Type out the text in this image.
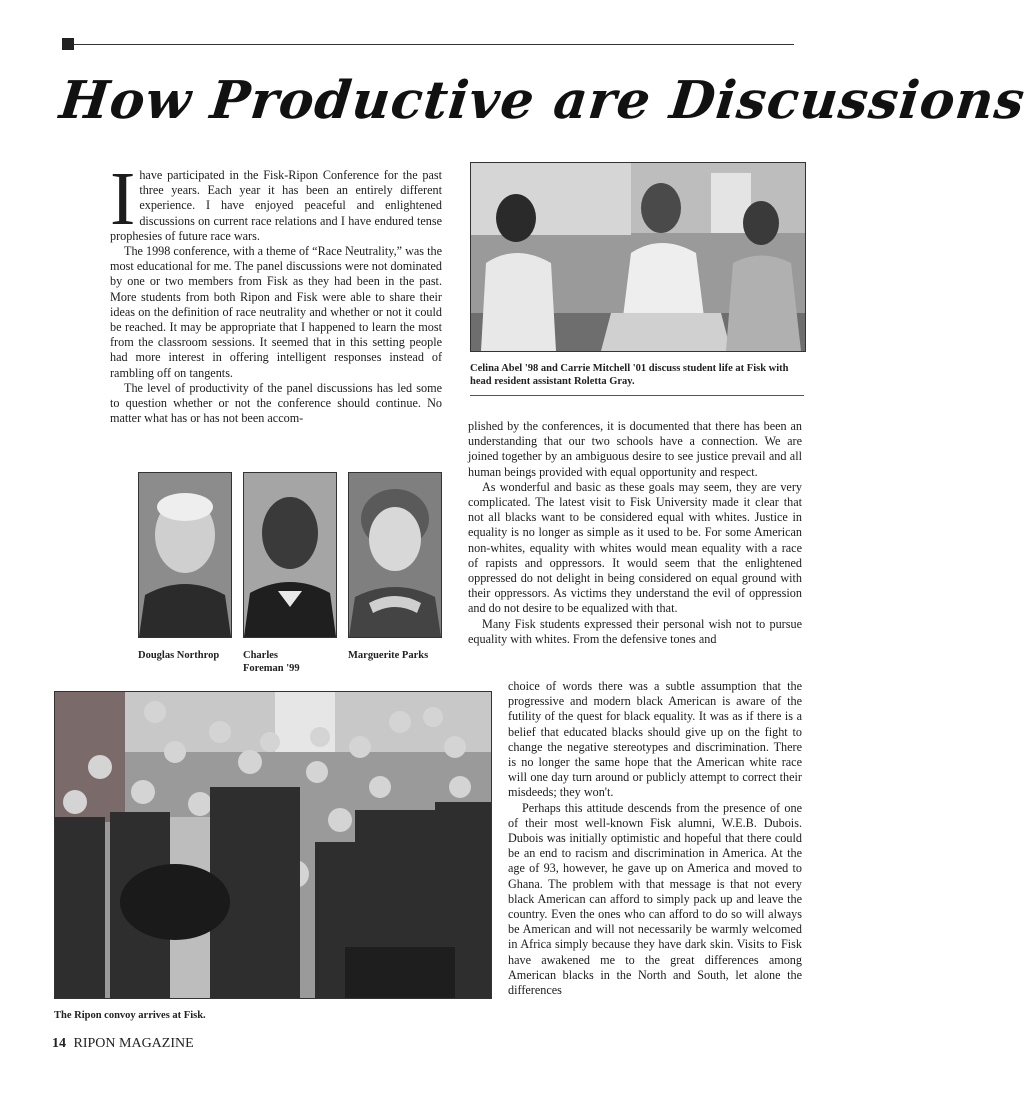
How Productive are Discussions

Ihave participated in the Fisk-Ripon Conference for the past three years. Each year it has been an entirely different experience. I have enjoyed peaceful and enlightened discussions on current race relations and I have endured tense prophesies of future race wars.

The 1998 conference, with a theme of “Race Neutrality,” was the most educational for me. The panel discussions were not dominated by one or two members from Fisk as they had been in the past. More students from both Ripon and Fisk were able to share their ideas on the definition of race neutrality and whether or not it could be reached. It may be appropriate that I happened to learn the most from the classroom sessions. It seemed that in this setting people had more interest in offering intelligent responses instead of rambling off on tangents.

The level of productivity of the panel discussions has led some to question whether or not the conference should continue. No matter what has or has not been accom-

Celina Abel '98 and Carrie Mitchell '01 discuss student life at Fisk with head resident assistant Roletta Gray.

plished by the conferences, it is documented that there has been an understanding that our two schools have a connection. We are joined together by an ambiguous desire to see justice prevail and all human beings provided with equal opportunity and respect.

As wonderful and basic as these goals may seem, they are very complicated. The latest visit to Fisk University made it clear that not all blacks want to be considered equal with whites. Justice in equality is no longer as simple as it used to be. For some American non-whites, equality with whites would mean equality with a race of rapists and oppressors. It would seem that the enlightened oppressed do not delight in being considered on equal ground with their oppressors. As victims they understand the evil of oppression and do not desire to be equalized with that.

Many Fisk students expressed their personal wish not to pursue equality with whites. From the defensive tones and

choice of words there was a subtle assumption that the progressive and modern black American is aware of the futility of the quest for black equality. It was as if there is a belief that educated blacks should give up on the fight to change the negative stereotypes and discrimination. There is no longer the same hope that the American white race will one day turn around or publicly attempt to correct their misdeeds; they won't.

Perhaps this attitude descends from the presence of one of their most well-known Fisk alumni, W.E.B. Dubois. Dubois was initially optimistic and hopeful that there could be an end to racism and discrimination in America. At the age of 93, however, he gave up on America and moved to Ghana. The problem with that message is that not every black American can afford to simply pack up and leave the country. Even the ones who can afford to do so will always be American and will not necessarily be warmly welcomed in Africa simply because they have dark skin. Visits to Fisk have awakened me to the great differences among American blacks in the North and South, let alone the differences

Douglas Northrop	Charles Foreman '99
Marguerite Parks
The Ripon convoy arrives at Fisk.
14 RIPON MAGAZINE
